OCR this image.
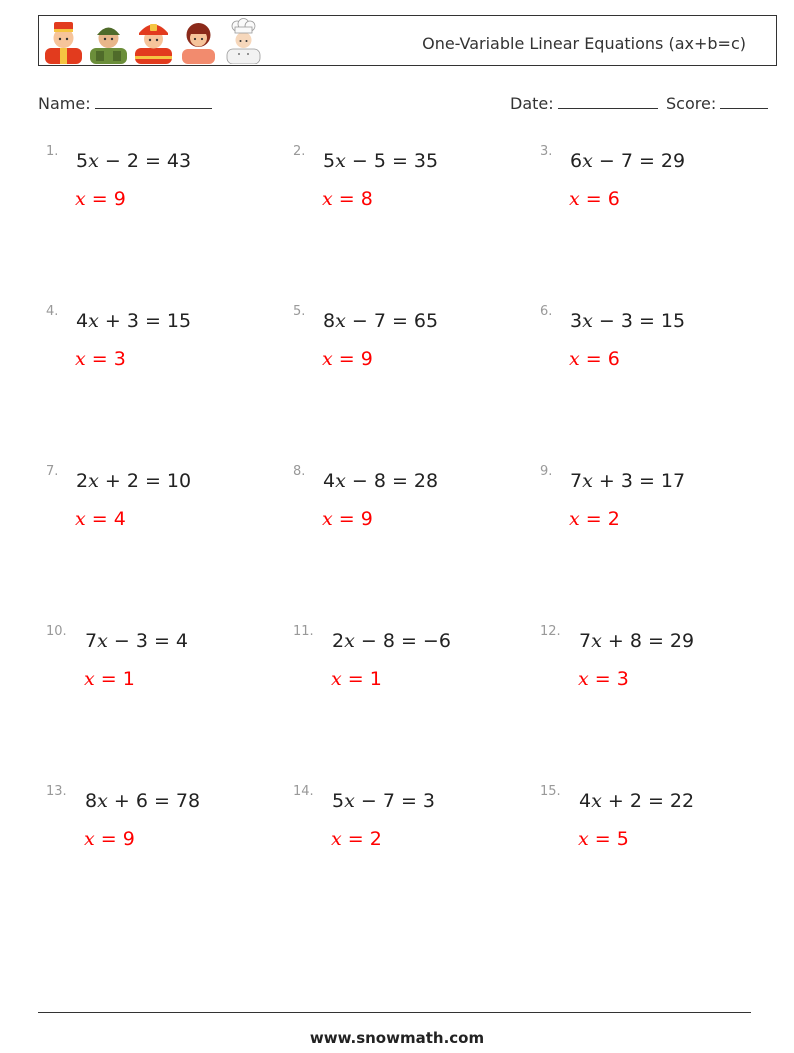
One-Variable Linear Equations (ax+b=c)
Name:	Date:	Score:
1. 5x − 2 = 43
x = 9
2. 5x − 5 = 35
x = 8
3. 6x − 7 = 29
x = 6
4. 4x + 3 = 15
x = 3
5. 8x − 7 = 65
x = 9
6. 3x − 3 = 15
x = 6
7. 2x + 2 = 10
x = 4
8. 4x − 8 = 28
x = 9
9. 7x + 3 = 17
x = 2
10. 7x − 3 = 4
x = 1
11. 2x − 8 = −6
x = 1
12. 7x + 8 = 29
x = 3
13. 8x + 6 = 78
x = 9
14. 5x − 7 = 3
x = 2
15. 4x + 2 = 22
x = 5
www.snowmath.com
